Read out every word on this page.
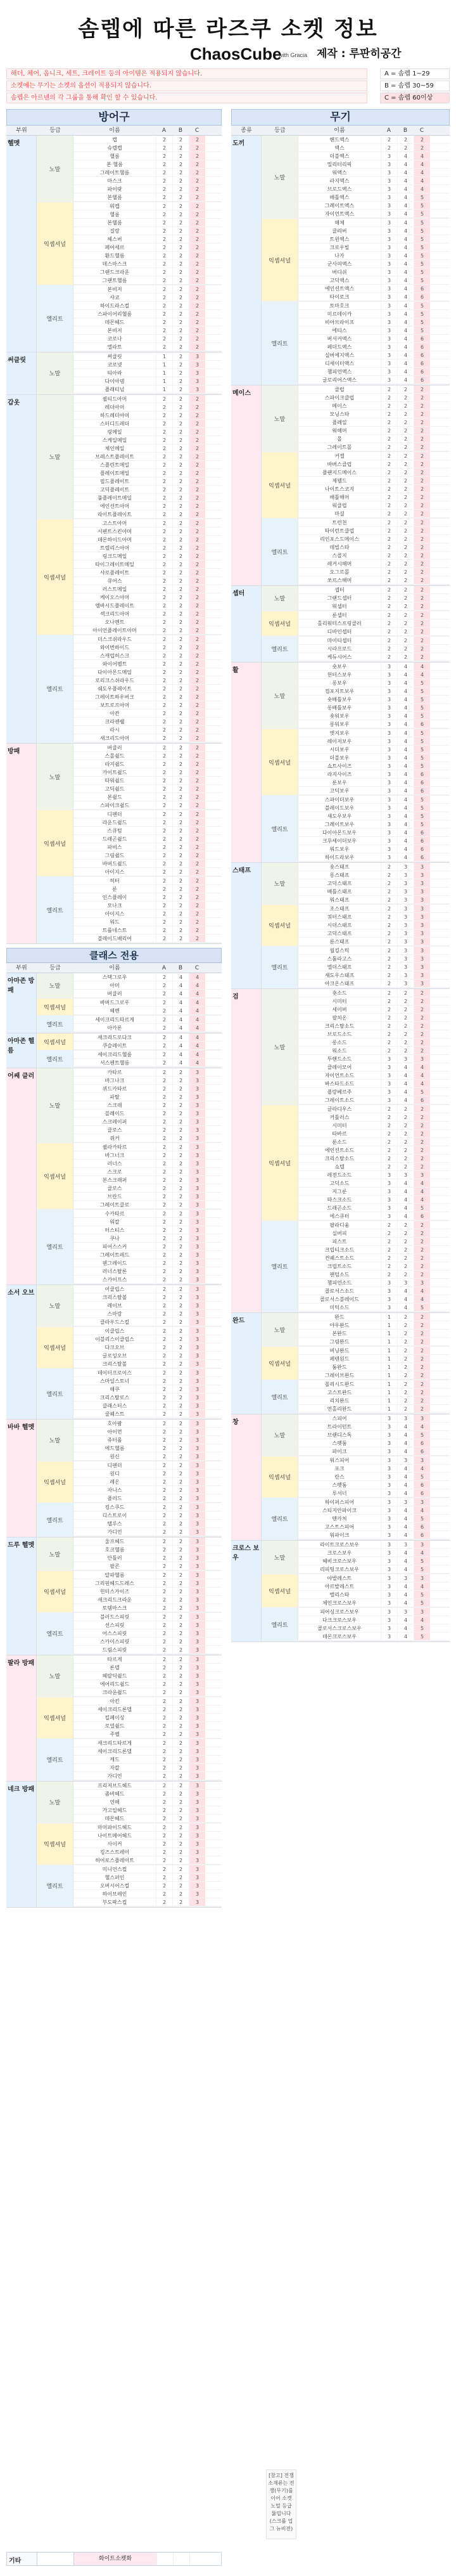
솜렙에 따른 라즈쿠 소켓 정보
ChaosCube
with Gracia 제작 : 루판히공간
해더, 체어, 옵니크, 세트, 크레이트 등의 아이템은 적용되지 않습니다.
소켓에는 무기는 소켓의 옵션이 적용되지 않습니다.
솜렙은 아르넨의 각 그룹을 통해 확인 할 수 있습니다.
A = 솜렙 1~29
B = 솜렙 30~59
C = 솜렙 60이상
방어구
부위	등급	이름	A	B	C
헬멧
노말
캡	2	2	2
슈렐캡	2	2	2
헬름	2	2	2
본 헬름	2	2	2
그레이트헬름	2	2	2
마스크	2	2	2
파이랏	2	2	2
본헬름	2	2	2
익셉셔널
워캡	2	2	2
헬름	2	2	2
본헬름	2	2	2
질랑	2	2	2
헤스버	2	2	2
페어세르	2	2	2
환드헬름	2	2	2
데스마스크	2	2	2
그랜드크라운	2	2	2
그랜트헬름	2	2	2
엘리트
본비저	2	2	2
샤코	2	2	2
하이드라스컬	2	2	2
스파이어리헬름	2	2	2
데몬헤드	2	2	2
본비저	2	2	2
코로나	2	2	2
엘라트	2	2	2
써클릿
노말
써클릿	1	2	3
코로넷	1	2	3
티아라	1	2	3
다이아뎀	1	2	3
플래티넘	1	2	3
갑옷
노말
퀼티드아머	2	2	2
레더아머	2	2	2
하드레더아머	2	2	2
스터디드레더	2	2	2
링메일	2	2	2
스케일메일	2	2	2
체인메일	2	2	2
브레스트플레이트	2	2	2
스플린트메일	2	2	2
플레이트메일	2	2	2
필드플레이트	2	2	2
고딕플레이트	2	2	2
풀플레이트메일	2	2	2
에인션트아머	2	2	2
라이트플레이트	2	2	2
익셉셔널
고스트아머	2	2	2
서펜트스킨아머	2	2	2
데몬하이드아머	2	2	2
트렐리스아머	2	2	2
링크드메일	2	2	2
타이그레이트메일	2	2	2
샤로플레이트	2	2	2
큐어스	2	2	2
러스트메일	2	2	2
케이오스아머	2	2	2
엠바시드플레이트	2	2	2
섹크리드아머	2	2	2
오나멘트	2	2	2
아이언플레이트아머	2	2	2
엘리트
더스크쉬라우드	2	2	2
와이번하이드	2	2	2
스캐럽허스크	2	2	2
와이어펠트	2	2	2
다이아몬드메일	2	2	2
로리크스쉬라우드	2	2	2
쉐도우플레이트	2	2	2
그레이트하우버크	2	2	2
보트로프아머	2	2	2
아칸	2	2	2
크라켄쉘	2	2	2
라시	2	2	2
새크리드아머	2	2	2
방패
노말
버클러	2	2	2
스몰쉴드	2	2	2
라지쉴드	2	2	2
카이트쉴드	2	2	2
타워쉴드	2	2	2
고딕쉴드	2	2	2
본쉴드	2	2	2
스파이크쉴드	2	2	2
익셉셔널
디펜더	2	2	2
라운드쉴드	2	2	2
스큐텀	2	2	2
드래곤쉴드	2	2	2
파비스	2	2	2
그림쉴드	2	2	2
바버드쉴드	2	2	2
아이지스	2	2	2
엘리트
히터	2	2	2
룬	2	2	2
인스플레이	2	2	2
모나크	2	2	2
아이지스	2	2	2
워드	2	2	2
트롤네스트	2	2	2
블레이드배리어	2	2	2
클래스 전용
부위	등급	이름	A	B	C
아마존 방패
노말
스택그로우	2	4	4
아머	2	4	4
버클러	2	4	4
익셉셔널
바버드그로우	2	4	4
헤벤	2	4	4
엘리트
세이크리드타르게	2	4	4
아카론	2	4	4
아마존 헬름
익셉셔널
새크리드로다크	2	4	4
쿠슬레이트	2	4	4
엘리트
세이크리드헬름	2	4	4
서스펜트헬름	2	4	4
어쌔 클러
노말
카타르	2	2	3
바그나크	2	2	3
퀴드카타르	2	2	3
파탈	2	2	3
스크래	2	2	3
블레이드	2	2	3
스크레이퍼	2	2	3
클로스	2	2	3
쥐커	2	2	3
익셉셔널
퀼라카타르	2	2	3
바그너크	2	2	3
러너스	2	2	3
스크로	2	2	3
본스크래퍼	2	2	3
클로스	2	2	3
브란드	2	2	3
그레이트클로	2	2	3
엘리트
수카타르	2	2	3
워칼	2	2	3
터스티스	2	2	3
쿠나	2	2	3
피어스스커	2	2	3
그레이트레드	2	2	3
웬그레이드	2	2	3
러너스탈론	2	2	3
스카이프스	2	2	3
소서 오브
노말
이클립스	2	2	3
크리스탈볼	2	2	3
레이브	2	2	3
스마랑	2	2	3
클라우드스킬	2	2	3
익셉셔널
이클립스	2	2	3
이블리스이클립스	2	2	3
다크오브	2	2	3
글로잉오브	2	2	3
크리스탈볼	2	2	3
엘리트
데이터프로이스	2	2	3
스마일스토너	2	2	3
해쿠	2	2	3
크리스탈로스	2	2	3
클래스터스	2	2	3
쿨퀘스트	2	2	3
바바 헬멧
노말
호아팜	2	2	3
아이먼	2	2	3
쥬터롤	2	2	3
에드헬름	2	2	3
원신	2	2	3
익셉셔널
디펜더	2	2	3
원디	2	2	3
레온	2	2	3
자니스	2	2	3
플러드	2	2	3
엘리트
킹스쿠드	2	2	3
디스트로이	2	2	3
탤루스	2	2	3
가디언	2	2	3
드루 헬멧
노말
울프헤드	2	2	3
호크헬름	2	2	3
안틀러	2	2	3
팔콘	2	2	3
익셉셔널
알파헬름	2	2	3
그리핀헤드드레스	2	2	3
헌터스가이즈	2	2	3
새크리드크라운	2	2	3
토템마스크	2	2	3
엘리트
블러드스피릿	2	2	3
선스피릿	2	2	3
어스스피릿	2	2	3
스카이스피릿	2	2	3
드림스피릿	2	2	3
팔라 방패
노말
타르게	2	2	3
론델	2	2	3
헤랄딕쉴드	2	2	3
에어리드쉴드	2	2	3
크라운쉴드	2	2	3
익셉셔널
아킨	2	2	3
세이크리드론델	2	2	3
킬페이싱	2	2	3
로열쉴드	2	2	3
주벨	2	2	3
엘리트
새크리드타르게	2	2	3
세이크리드론델	2	2	3
캐드	2	2	3
자칼	2	2	3
가디언	2	2	3
네크 방패
노말
프리저브드헤드	2	2	3
좀비헤드	2	2	3
언해	2	2	3
가고일헤드	2	2	3
데몬헤드	2	2	3
익셉셔널
마머파이드헤드	2	2	3
나이트메어헤드	2	2	3
사이커	2	2	3
킹즈스트레이	2	2	3
히어로스플레이트	2	2	3
엘리트
미니언스컬	2	2	3
헬스퍼인	2	2	3
오버시어스컬	2	2	3
하이브레인	2	2	3
부도팍스컬	2	2	3
무기
종류	등급	이름	A	B	C
도끼
노말
핸드액스	2	2	2
액스	2	2	2
더블액스	3	4	4
밀리터리픽	3	4	4
워액스	3	4	4
라지액스	3	4	4
브로드액스	3	4	4
배틀액스	3	4	5
그레이트액스	3	4	5
자이언트액스	3	4	5
익셉셔널
해체	3	4	5
클리버	3	4	5
트윈액스	3	4	5
크로우빌	3	4	5
나가	3	4	5
군사의액스	3	4	5
버디쉬	3	4	5
고딕액스	3	4	5
에인션트액스	3	4	6
타이로크	3	4	6
엘리트
토마호크	3	4	5
미르데이카	3	4	5
비아브라이프	3	4	5
에티스	3	4	5
버서커액스	3	4	6
페더드액스	3	4	6
실버에지액스	3	4	6
디세이터액스	3	4	6
챔피언액스	3	4	6
글로리어스액스	3	4	6
메이스
노말
클럽	2	2	2
스파이크클럽	2	2	2
메이스	2	2	2
모닝스타	2	2	2
플레일	2	2	2
워해머	2	2	2
몰	2	2	2
그레이트몰	2	2	2
익셉셔널
커젤	2	2	2
바버스클럽	2	2	2
플랜지드메이스	2	2	2
제웰드	2	2	2
나이트스코지	2	2	2
배틀해머	2	2	2
워클럽	2	2	2
마셜	2	2	2
엘리트
트런천	2	2	2
타이런트클럽	2	2	2
리인포스드메이스	2	2	2
데빌스타	2	2	2
스콜지	2	2	2
레거시해머	2	2	2
오그르몰	2	2	2
쏘르스해머	2	2	2
셉터
노말
셉터	2	2	2
그랜드셉터	2	2	2
워셉터	2	2	2
익셉셔널
룬셉터	2	2	2
홀리워터스프링클러	2	2	2
디바인셉터	2	2	2
엘리트
마이티셉터	2	2	2
시라프로드	2	2	2
케듀시어스	2	2	2
활
노말
숏보우	3	4	4
헌터스보우	3	4	4
롱보우	3	4	5
컴포지트보우	3	4	5
숏배틀보우	3	4	5
롱배틀보우	3	4	5
숏워보우	3	4	5
롱워보우	3	4	6
익셉셔널
엣지보우	3	4	5
레이저보우	3	4	5
시더보우	3	4	5
더블보우	3	4	5
쇼트사이즈	3	4	5
라지사이즈	3	4	6
룬보우	3	4	6
고딕보우	3	4	6
엘리트
스파이더보우	3	4	5
블레이드보우	3	4	5
섀도우보우	3	4	5
그레이트보우	3	4	5
다이아몬드보우	3	4	6
크루세이더보우	3	4	6
워드보우	3	4	6
하이드라보우	3	4	6
스태프
노말
숏스태프	2	3	3
롱스태프	2	3	3
고딕스태프	2	3	3
배틀스태프	2	3	3
워스태프	2	3	3
익셉셔널
조스태프	2	3	3
쿼터스태프	2	3	3
시더스태프	2	3	3
고딕스태프	2	3	3
룬스태프	2	3	3
엘리트
월킹스틱	2	3	3
스톨라고스	2	3	3
엘더스태프	2	3	3
섀도우스태프	2	3	3
아크온스태프	2	3	3
검
노말
숏소드	2	2	2
시미터	2	2	2
세이버	2	2	2
팔치온	2	2	2
크리스탈소드	2	2	2
브로드소드	2	2	2
롱소드	2	2	2
워소드	2	2	2
투핸드소드	3	3	3
클레이모어	3	4	4
자이언트소드	3	4	4
바스타드소드	3	4	4
플랑베르주	3	4	5
그레이트소드	3	4	6
익셉셔널
글라디우스	2	2	2
커틀러스	2	2	2
시미터	2	2	2
타바르	2	2	2
룬소드	2	2	2
에인션트소드	2	2	2
크리스탈소드	2	2	2
쇼텔	2	2	2
레전드소드	3	3	3
고딕소드	3	4	4
지그룬	3	4	4
타스크소드	3	4	4
드래곤소드	3	4	5
에스큐터	3	4	6
엘리트
팔라디움	2	2	2
실버피	2	2	2
피스트	2	2	2
크립티크소드	2	2	2
컨퀘스트소드	2	2	2
크립트소드	2	2	2
팬텀소드	2	2	2
챔피언소드	3	3	3
콜로서스소드	3	4	4
콜로서스블레이드	3	4	4
미틱소드	3	4	5
완드
노말
완드	1	2	2
야우완드	1	2	2
본완드	1	2	2
그림완드	1	2	2
익셉셔널
버닝완드	1	2	2
페텐원드	1	2	2
툼완드	1	2	2
그레이브완드	1	2	2
엘리트
폴리시드완드	1	2	2
고스트완드	1	2	2
리치완드	1	2	2
언홀리완드	1	2	2
창
노말
스피어	3	3	3
트라이던트	3	4	4
브랜디스톡	3	4	5
스펫툼	3	4	6
파이크	3	4	6
익셉셔널
워스피어	3	3	3
포크	3	4	4
란스	3	4	5
스펫툼	3	4	6
루서너	3	4	6
엘리트
하이퍼스피어	3	3	3
스티지안파이크	3	4	4
맨카처	3	4	5
고스트스피어	3	4	6
워파이크	3	4	6
크로스 보우	노말
라이트크로스보우	3	3	3
크로스보우	3	4	4
헤비크로스보우	3	4	5
리피팅크로스보우	3	4	5
익셉셔널
아발레스트	3	3	3
아르발레스트	3	4	4
밸리스타	3	4	5
체인크로스보우	3	4	5
엘리트
피어싱크로스보우	3	3	3
다크크로스보우	3	4	4
콜로서스크로스보우	3	4	5
데몬크로스보우	3	4	5
기타	화이트소켓화
[참고] 전쟁소재류는 전쟁(무기)를 이어 소켓 노멀 등급 뚫립니다 (스크롤 업그 뉴비전)
